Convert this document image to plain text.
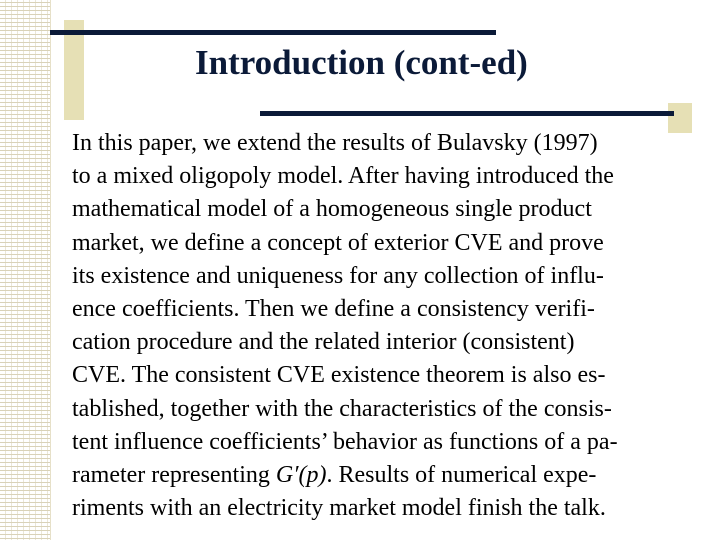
Introduction (cont-ed)
In this paper, we extend the results of Bulavsky (1997)
to a mixed oligopoly model. After having introduced the
mathematical model of a homogeneous single product
market, we define a concept of exterior CVE and prove
its existence and uniqueness for any collection of influ-
ence coefficients. Then we define a consistency verifi-
cation procedure and the related interior (consistent)
CVE. The consistent CVE existence theorem is also es-
tablished, together with the characteristics of the consis-
tent influence coefficients’ behavior as functions of a pa-
rameter representing G′(p). Results of numerical expe-
riments with an electricity market model finish the talk.
